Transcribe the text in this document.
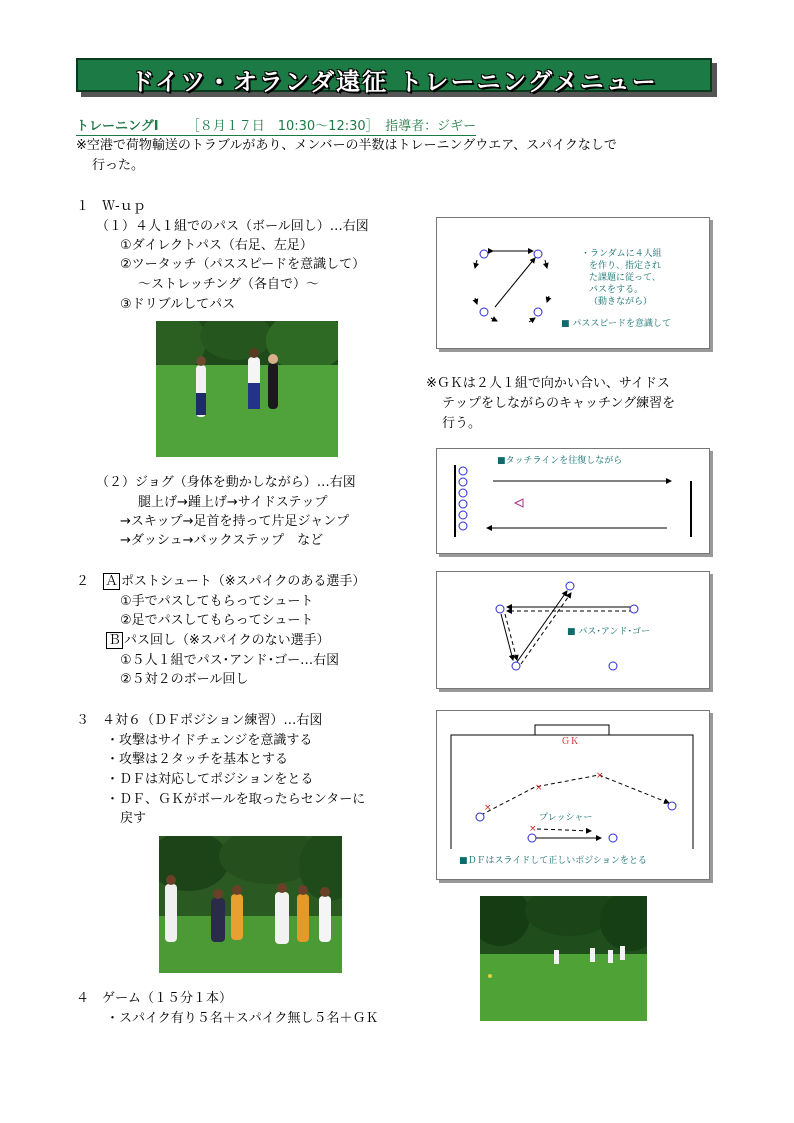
ドイツ・オランダ遠征 トレーニングメニュー
トレーニングⅠ ［８月１７日　10:30～12:30］　指導者：ジギー
※空港で荷物輸送のトラブルがあり、メンバーの半数はトレーニングウエア、スパイクなしで
行った。
１　Ｗ-ｕｐ
（１）４人１組でのパス（ボール回し）…右図
①ダイレクトパス（右足、左足）
②ツータッチ（パススピードを意識して）
～ストレッチング（各自で）～
③ドリブルしてパス
※ＧＫは２人１組で向かい合い、サイドス
テップをしながらのキャッチング練習を
行う。
（２）ジョグ（身体を動かしながら）…右図
腿上げ→踵上げ→サイドステップ
→スキップ→足首を持って片足ジャンプ
→ダッシュ→バックステップ　など
２ Ａ ポストシュート（※スパイクのある選手）
①手でパスしてもらってシュート
②足でパスしてもらってシュート
Ｂ パス回し（※スパイクのない選手）
①５人１組でパス･アンド･ゴー…右図
②５対２のボール回し
３　４対６（ＤＦポジション練習）…右図
・攻撃はサイドチェンジを意識する
・攻撃は２タッチを基本とする
・ＤＦは対応してポジションをとる
・ＤＦ、ＧＫがボールを取ったらセンターに
戻す
４　ゲーム（１５分１本）
・スパイク有り５名＋スパイク無し５名＋ＧＫ
・ランダムに４人組
を作り、指定され
た課題に従って、
パスをする。
（動きながら）
■ パススピードを意識して
■タッチラインを往復しながら
■ パス･アンド･ゴー
×
×
×
×
ＧＫ
プレッシャー
■ＤＦはスライドして正しいポジションをとる
